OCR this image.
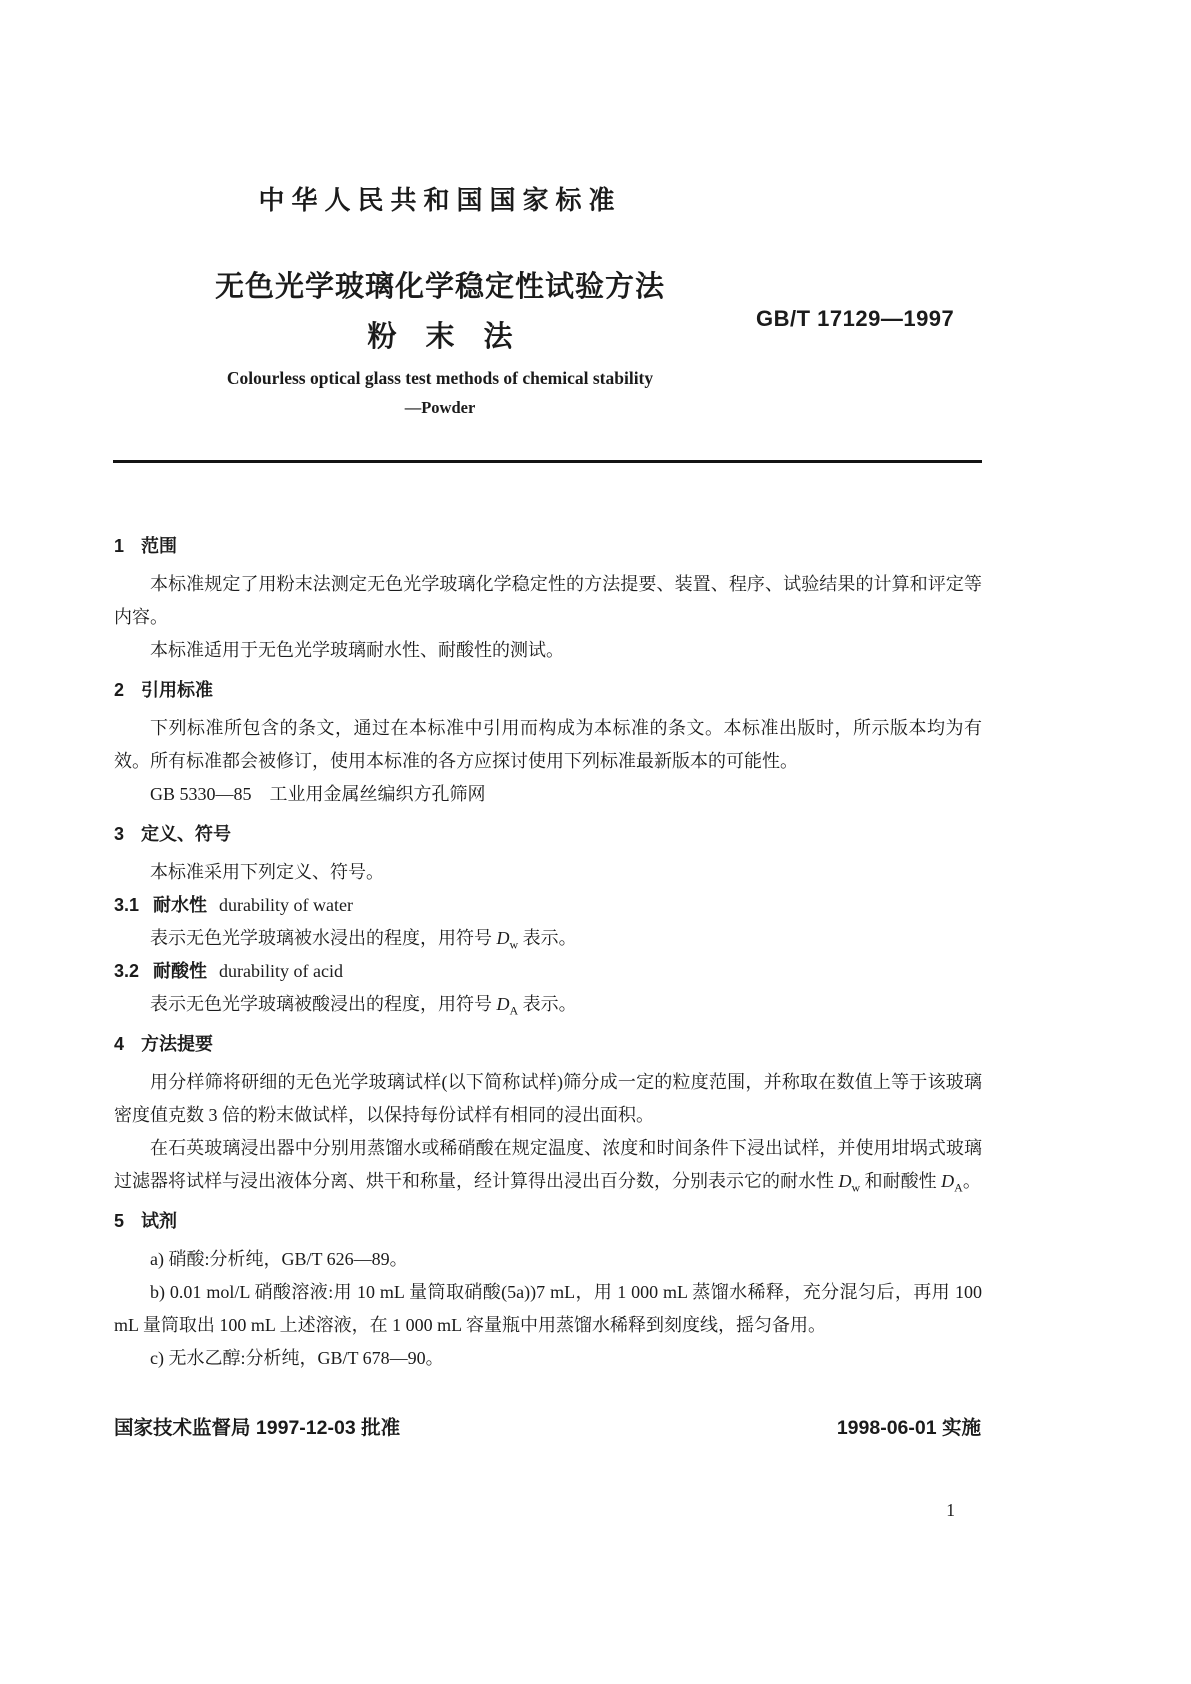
中华人民共和国国家标准
无色光学玻璃化学稳定性试验方法
粉　末　法
GB/T 17129—1997
Colourless optical glass test methods of chemical stability
—Powder
1 范围

本标准规定了用粉末法测定无色光学玻璃化学稳定性的方法提要、装置、程序、试验结果的计算和评定等内容。

本标准适用于无色光学玻璃耐水性、耐酸性的测试。

2 引用标准

下列标准所包含的条文，通过在本标准中引用而构成为本标准的条文。本标准出版时，所示版本均为有效。所有标准都会被修订，使用本标准的各方应探讨使用下列标准最新版本的可能性。

GB 5330—85　工业用金属丝编织方孔筛网

3 定义、符号

本标准采用下列定义、符号。

3.1 耐水性 durability of water

表示无色光学玻璃被水浸出的程度，用符号 $D_w$ 表示。

3.2 耐酸性 durability of acid

表示无色光学玻璃被酸浸出的程度，用符号 $D_A$ 表示。

4 方法提要

用分样筛将研细的无色光学玻璃试样(以下简称试样)筛分成一定的粒度范围，并称取在数值上等于该玻璃密度值克数 3 倍的粉末做试样，以保持每份试样有相同的浸出面积。

在石英玻璃浸出器中分别用蒸馏水或稀硝酸在规定温度、浓度和时间条件下浸出试样，并使用坩埚式玻璃过滤器将试样与浸出液体分离、烘干和称量，经计算得出浸出百分数，分别表示它的耐水性 $D_w$ 和耐酸性 $D_A$。

5 试剂

a) 硝酸:分析纯，GB/T 626—89。

b) 0.01 mol/L 硝酸溶液:用 10 mL 量筒取硝酸(5a))7 mL，用 1 000 mL 蒸馏水稀释，充分混匀后，再用 100 mL 量筒取出 100 mL 上述溶液，在 1 000 mL 容量瓶中用蒸馏水稀释到刻度线，摇匀备用。

c) 无水乙醇:分析纯，GB/T 678—90。

国家技术监督局 1997-12-03 批准	1998-06-01 实施
1
